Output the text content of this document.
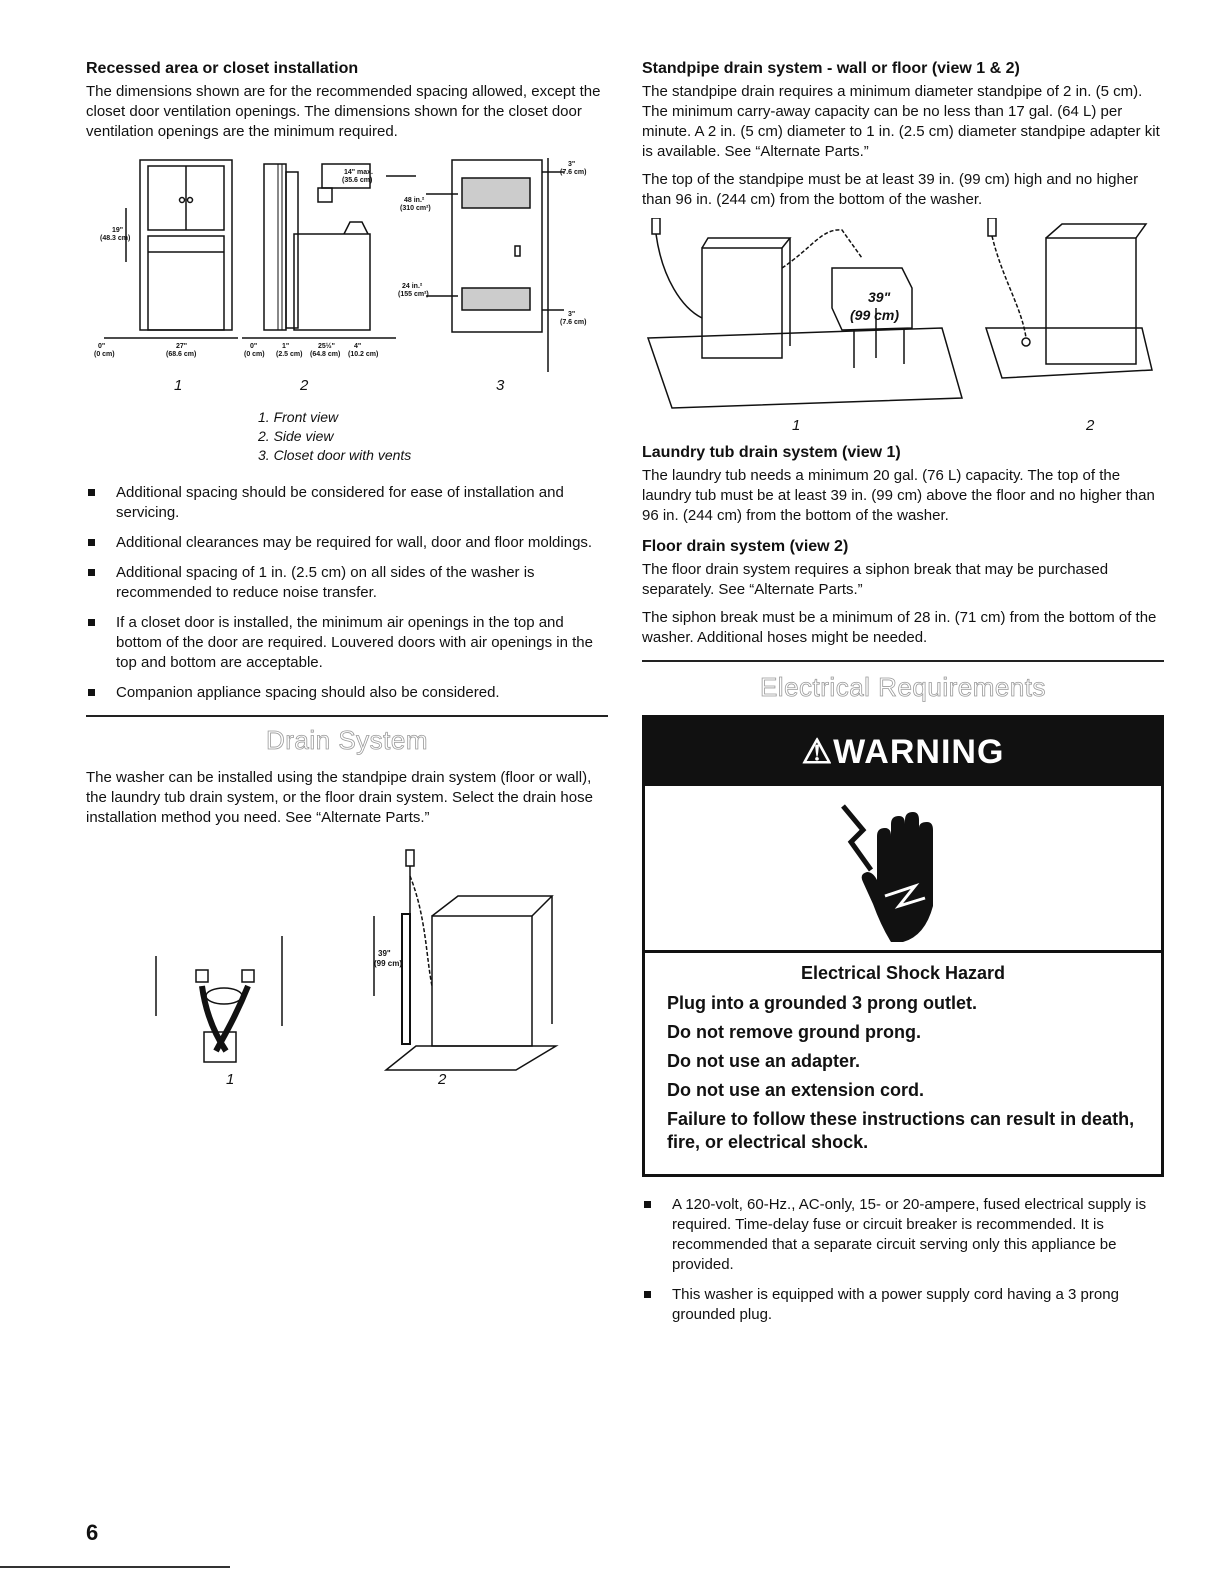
Recessed area or closet installation

The dimensions shown are for the recommended spacing allowed, except the closet door ventilation openings. The dimensions shown for the closet door ventilation openings are the minimum required.

19"
(48.3 cm)
0"
(0 cm)
27"
(68.6 cm)
0"
(0 cm)
1"
(2.5 cm)
25½"
(64.8 cm)
4"
(10.2 cm)
14" max.
(35.6 cm)
48 in.²
(310 cm²)
24 in.²
(155 cm²)
3"
(7.6 cm)
3"
(7.6 cm)
1	2	3
1. Front view
2. Side view
3. Closet door with vents
Additional spacing should be considered for ease of installation and servicing.
Additional clearances may be required for wall, door and floor moldings.
Additional spacing of 1 in. (2.5 cm) on all sides of the washer is recommended to reduce noise transfer.
If a closet door is installed, the minimum air openings in the top and bottom of the door are required. Louvered doors with air openings in the top and bottom are acceptable.
Companion appliance spacing should also be considered.
Drain System

The washer can be installed using the standpipe drain system (floor or wall), the laundry tub drain system, or the floor drain system. Select the drain hose installation method you need. See “Alternate Parts.”

39"
(99 cm)
1	2
Standpipe drain system - wall or floor (view 1 & 2)

The standpipe drain requires a minimum diameter standpipe of 2 in. (5 cm). The minimum carry-away capacity can be no less than 17 gal. (64 L) per minute. A 2 in. (5 cm) diameter to 1 in. (2.5 cm) diameter standpipe adapter kit is available. See “Alternate Parts.”

The top of the standpipe must be at least 39 in. (99 cm) high and no higher than 96 in. (244 cm) from the bottom of the washer.

39"
(99 cm)
1	2
Laundry tub drain system (view 1)

The laundry tub needs a minimum 20 gal. (76 L) capacity. The top of the laundry tub must be at least 39 in. (99 cm) above the floor and no higher than 96 in. (244 cm) from the bottom of the washer.

Floor drain system (view 2)

The floor drain system requires a siphon break that may be purchased separately. See “Alternate Parts.”

The siphon break must be a minimum of 28 in. (71 cm) from the bottom of the washer. Additional hoses might be needed.

Electrical Requirements
⚠WARNING
Electrical Shock Hazard
Plug into a grounded 3 prong outlet.
Do not remove ground prong.
Do not use an adapter.
Do not use an extension cord.
Failure to follow these instructions can result in death, fire, or electrical shock.
A 120-volt, 60-Hz., AC-only, 15- or 20-ampere, fused electrical supply is required. Time-delay fuse or circuit breaker is recommended. It is recommended that a separate circuit serving only this appliance be provided.
This washer is equipped with a power supply cord having a 3 prong grounded plug.
6
